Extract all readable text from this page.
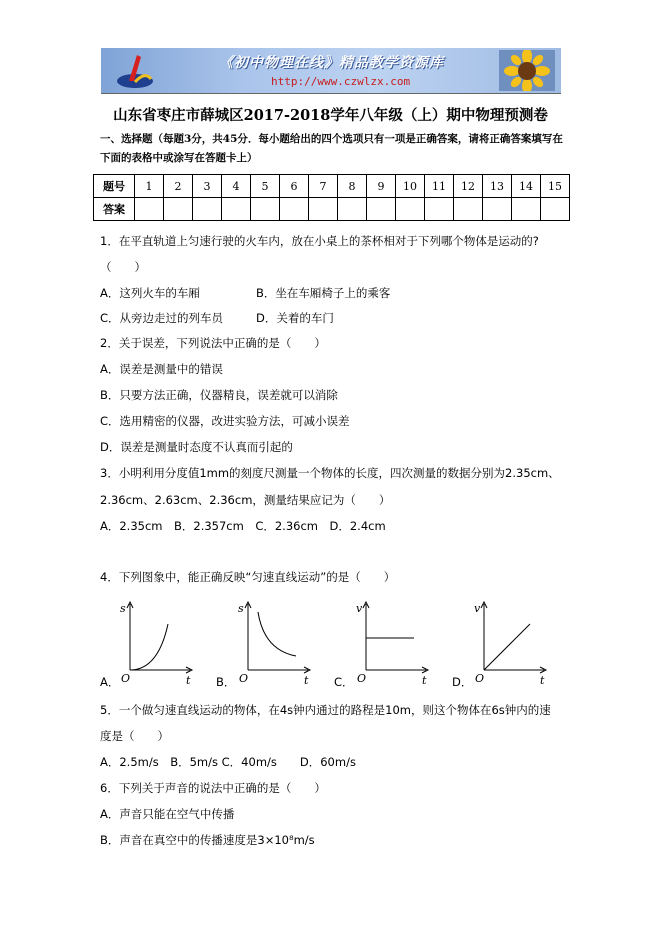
《初中物理在线》精品教学资源库
http://www.czwlzx.com
山东省枣庄市薛城区2017-2018学年八年级（上）期中物理预测卷
一、选择题（每题3分，共45分．每小题给出的四个选项只有一项是正确答案，请将正确答案填写在下面的表格中或涂写在答题卡上）
题号	1	2	3	4	5	6	7	8	9	10	11	12	13	14	15
答案															
1．在平直轨道上匀速行驶的火车内，放在小桌上的茶杯相对于下列哪个物体是运动的?
（　　）
A．这列火车的车厢	B．坐在车厢椅子上的乘客
C．从旁边走过的列车员	D．关着的车门
2．关于误差，下列说法中正确的是（　　）
A．误差是测量中的错误
B．只要方法正确，仪器精良，误差就可以消除
C．选用精密的仪器，改进实验方法，可减小误差
D．误差是测量时态度不认真而引起的
3．小明利用分度值1mm的刻度尺测量一个物体的长度，四次测量的数据分别为2.35cm、
2.36cm、2.63cm、2.36cm，测量结果应记为（　　）
A．2.35cm　B．2.357cm　C．2.36cm　D．2.4cm
4．下列图象中，能正确反映“匀速直线运动”的是（　　）
s
t
O
A．
s
t
O
B．
v
t
O
C．
v
t
O
D．
5．一个做匀速直线运动的物体，在4s钟内通过的路程是10m，则这个物体在6s钟内的速
度是（　　）
A．2.5m/s　B．5m/s C．40m/s　　D．60m/s
6．下列关于声音的说法中正确的是（　　）
A．声音只能在空气中传播
B．声音在真空中的传播速度是3×10⁸m/s
